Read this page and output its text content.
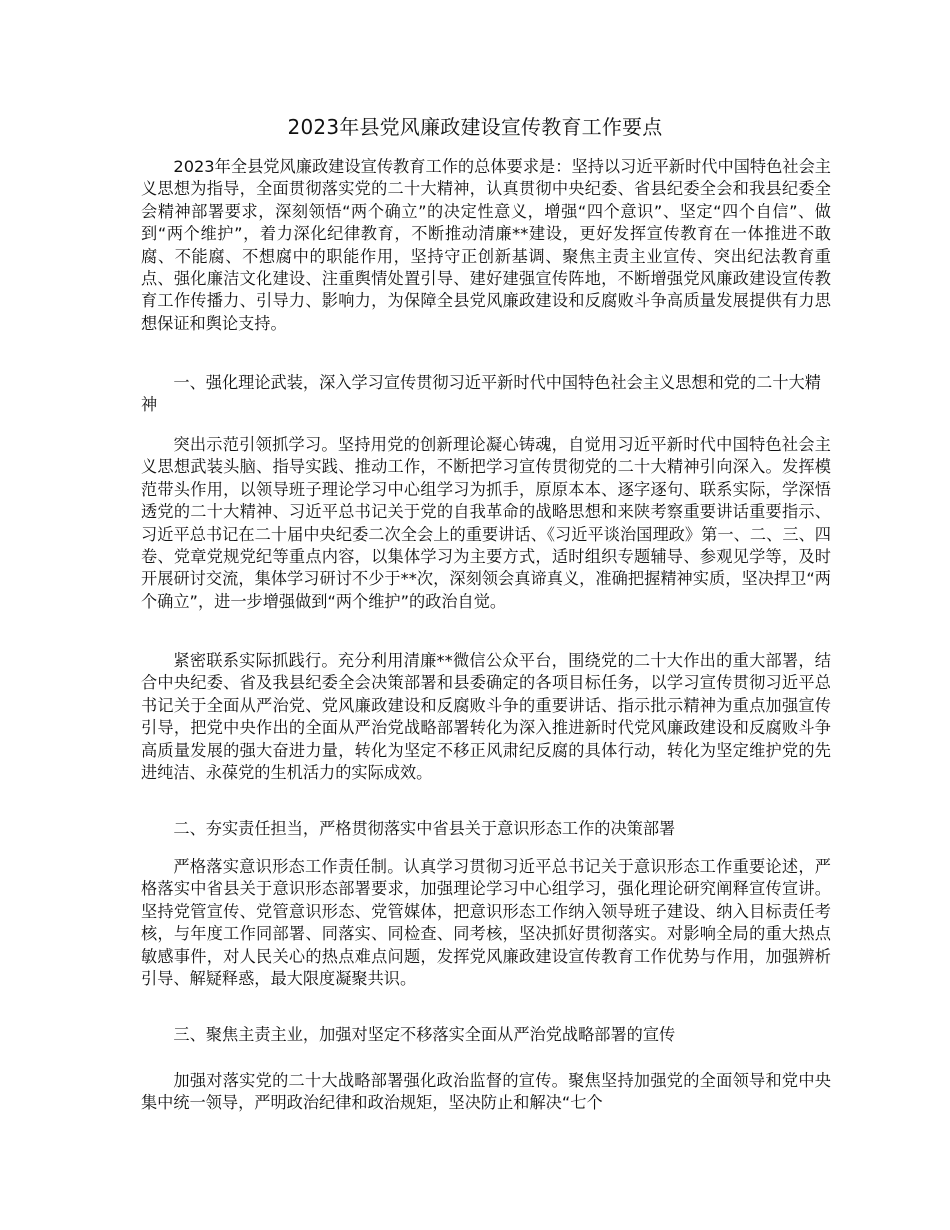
2023年县党风廉政建设宣传教育工作要点

2023年全县党风廉政建设宣传教育工作的总体要求是：坚持以习近平新时代中国特色社会主义思想为指导，全面贯彻落实党的二十大精神，认真贯彻中央纪委、省县纪委全会和我县纪委全会精神部署要求，深刻领悟“两个确立”的决定性意义，增强“四个意识”、坚定“四个自信”、做到“两个维护”，着力深化纪律教育，不断推动清廉**建设，更好发挥宣传教育在一体推进不敢腐、不能腐、不想腐中的职能作用，坚持守正创新基调、聚焦主责主业宣传、突出纪法教育重点、强化廉洁文化建设、注重舆情处置引导、建好建强宣传阵地，不断增强党风廉政建设宣传教育工作传播力、引导力、影响力，为保障全县党风廉政建设和反腐败斗争高质量发展提供有力思想保证和舆论支持。

一、强化理论武装，深入学习宣传贯彻习近平新时代中国特色社会主义思想和党的二十大精神

突出示范引领抓学习。坚持用党的创新理论凝心铸魂，自觉用习近平新时代中国特色社会主义思想武装头脑、指导实践、推动工作，不断把学习宣传贯彻党的二十大精神引向深入。发挥模范带头作用，以领导班子理论学习中心组学习为抓手，原原本本、逐字逐句、联系实际，学深悟透党的二十大精神、习近平总书记关于党的自我革命的战略思想和来陕考察重要讲话重要指示、习近平总书记在二十届中央纪委二次全会上的重要讲话、《习近平谈治国理政》第一、二、三、四卷、党章党规党纪等重点内容，以集体学习为主要方式，适时组织专题辅导、参观见学等，及时开展研讨交流，集体学习研讨不少于**次，深刻领会真谛真义，准确把握精神实质，坚决捍卫“两个确立”，进一步增强做到“两个维护”的政治自觉。

紧密联系实际抓践行。充分利用清廉**微信公众平台，围绕党的二十大作出的重大部署，结合中央纪委、省及我县纪委全会决策部署和县委确定的各项目标任务，以学习宣传贯彻习近平总书记关于全面从严治党、党风廉政建设和反腐败斗争的重要讲话、指示批示精神为重点加强宣传引导，把党中央作出的全面从严治党战略部署转化为深入推进新时代党风廉政建设和反腐败斗争高质量发展的强大奋进力量，转化为坚定不移正风肃纪反腐的具体行动，转化为坚定维护党的先进纯洁、永葆党的生机活力的实际成效。

二、夯实责任担当，严格贯彻落实中省县关于意识形态工作的决策部署

严格落实意识形态工作责任制。认真学习贯彻习近平总书记关于意识形态工作重要论述，严格落实中省县关于意识形态部署要求，加强理论学习中心组学习，强化理论研究阐释宣传宣讲。坚持党管宣传、党管意识形态、党管媒体，把意识形态工作纳入领导班子建设、纳入目标责任考核，与年度工作同部署、同落实、同检查、同考核，坚决抓好贯彻落实。对影响全局的重大热点敏感事件，对人民关心的热点难点问题，发挥党风廉政建设宣传教育工作优势与作用，加强辨析引导、解疑释惑，最大限度凝聚共识。

三、聚焦主责主业，加强对坚定不移落实全面从严治党战略部署的宣传

加强对落实党的二十大战略部署强化政治监督的宣传。聚焦坚持加强党的全面领导和党中央集中统一领导，严明政治纪律和政治规矩，坚决防止和解决“七个
